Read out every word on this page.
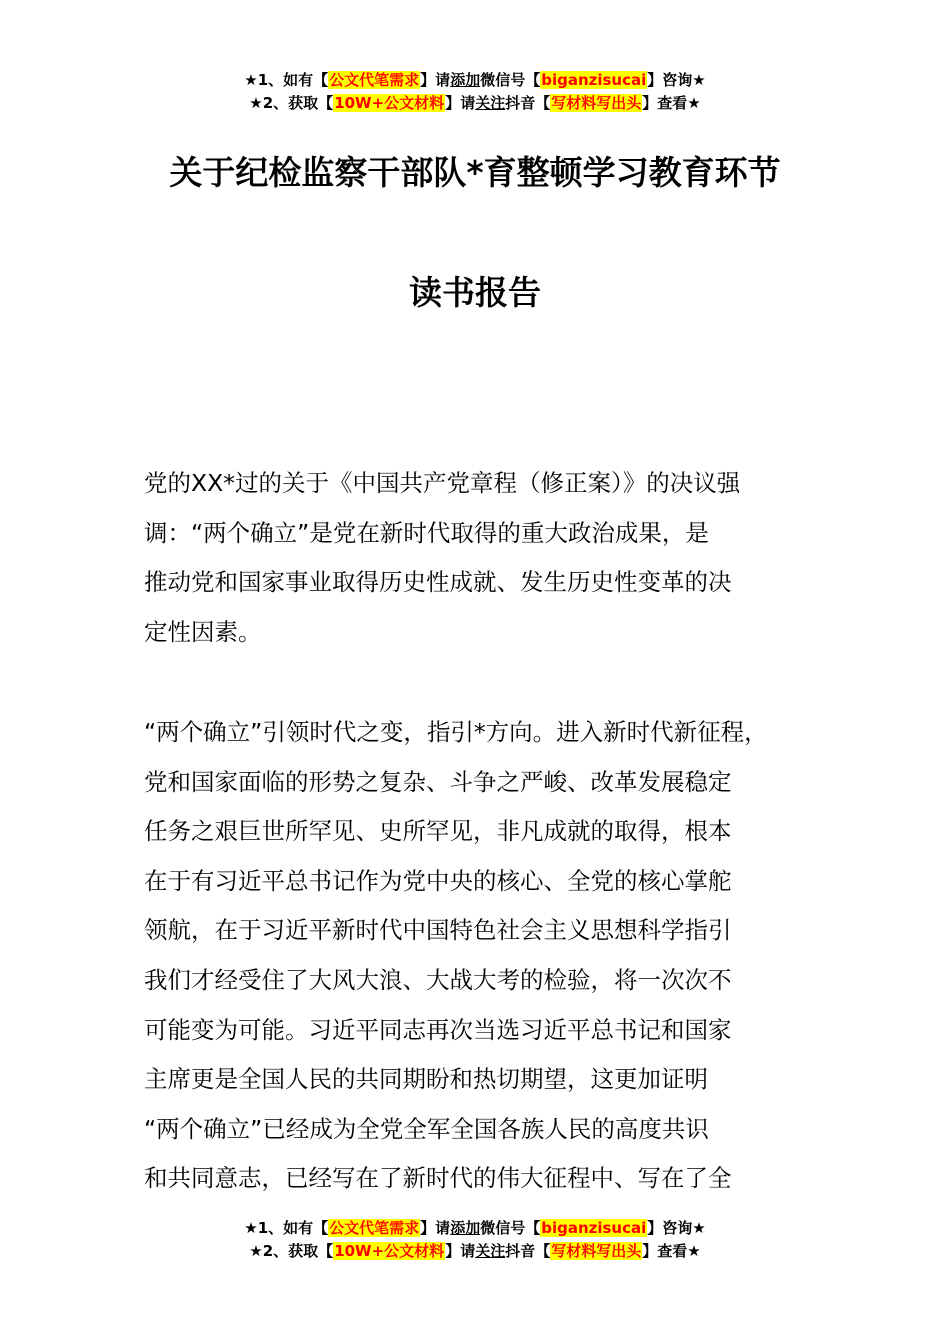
★1、如有【公文代笔需求】请添加微信号【biganzisucai】咨询★
★2、获取【10W+公文材料】请关注抖音【写材料写出头】查看★
关于纪检监察干部队*育整顿学习教育环节
读书报告
党的XX*过的关于《中国共产党章程（修正案）》的决议强
调：“两个确立”是党在新时代取得的重大政治成果，是
推动党和国家事业取得历史性成就、发生历史性变革的决
定性因素。
“两个确立”引领时代之变，指引*方向。进入新时代新征程，
党和国家面临的形势之复杂、斗争之严峻、改革发展稳定
任务之艰巨世所罕见、史所罕见，非凡成就的取得，根本
在于有习近平总书记作为党中央的核心、全党的核心掌舵
领航，在于习近平新时代中国特色社会主义思想科学指引
我们才经受住了大风大浪、大战大考的检验，将一次次不
可能变为可能。习近平同志再次当选习近平总书记和国家
主席更是全国人民的共同期盼和热切期望，这更加证明
“两个确立”已经成为全党全军全国各族人民的高度共识
和共同意志，已经写在了新时代的伟大征程中、写在了全
★1、如有【公文代笔需求】请添加微信号【biganzisucai】咨询★
★2、获取【10W+公文材料】请关注抖音【写材料写出头】查看★
